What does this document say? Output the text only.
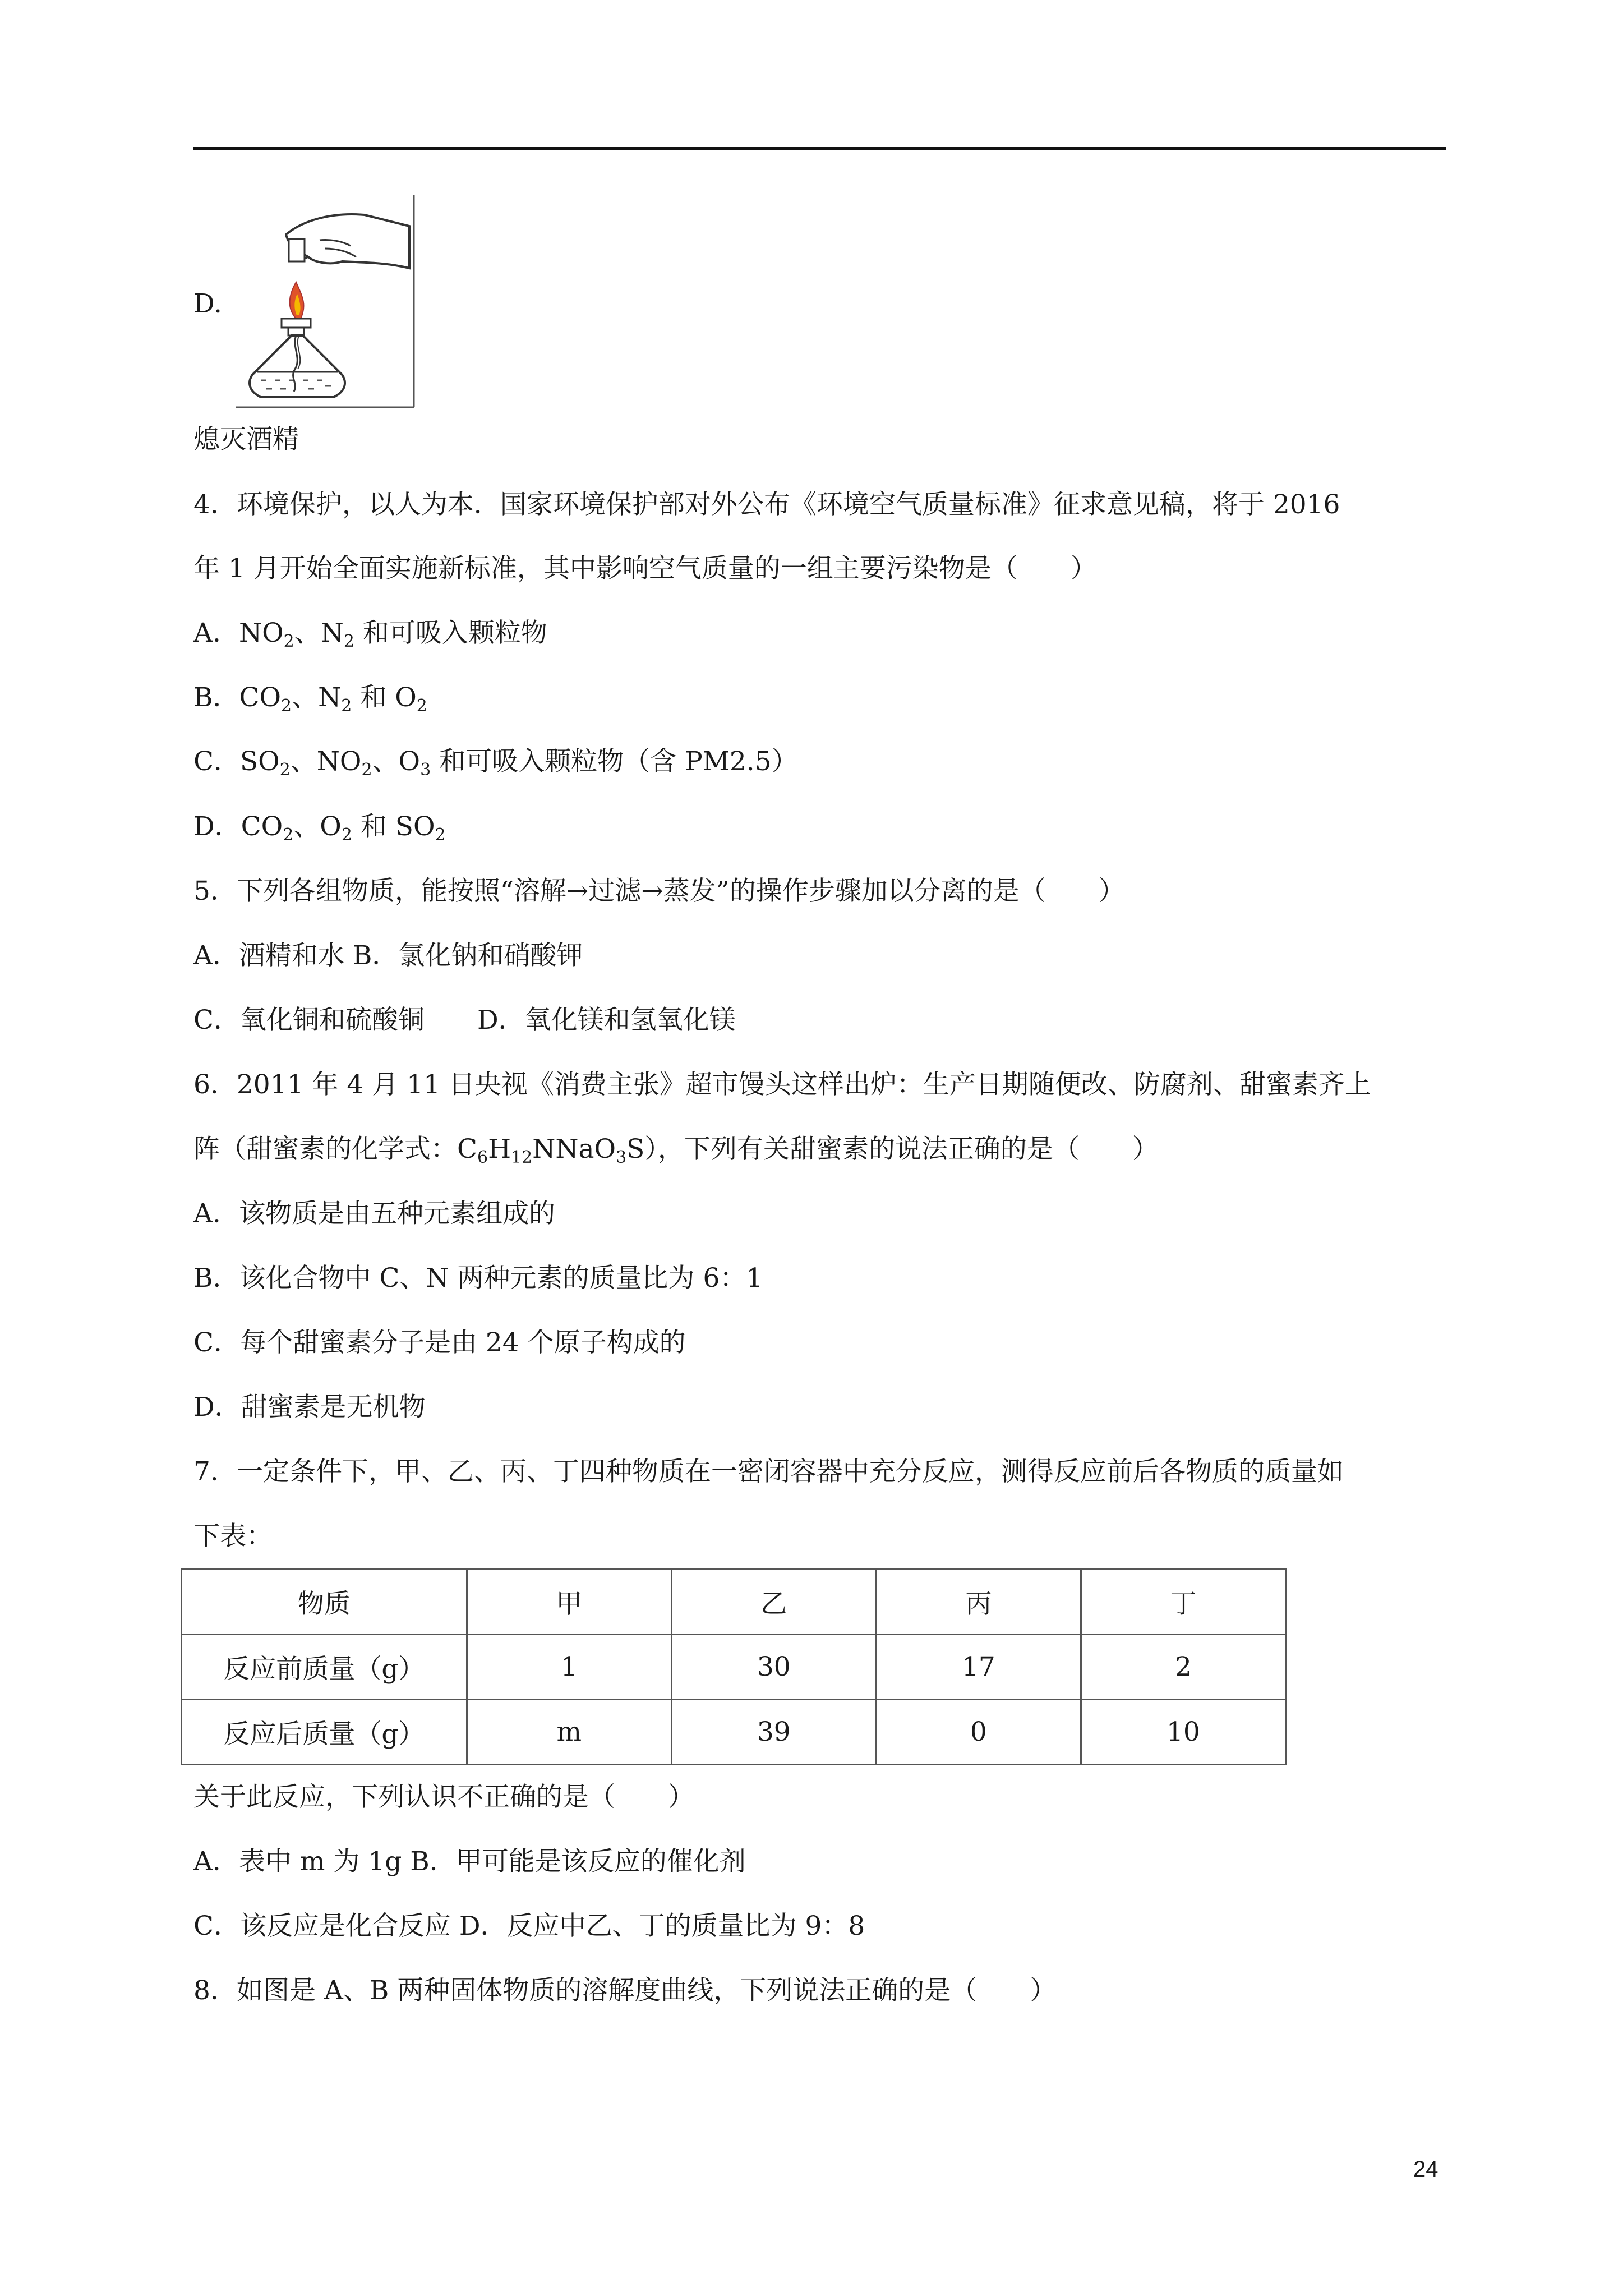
D.
熄灭酒精
4．环境保护，以人为本．国家环境保护部对外公布《环境空气质量标准》征求意见稿，将于 2016
年 1 月开始全面实施新标准，其中影响空气质量的一组主要污染物是（　　）
A．$NO_2$、$N_2$ 和可吸入颗粒物
B．$CO_2$、$N_2$ 和 $O_2$
C．$SO_2$、$NO_2$、$O_3$ 和可吸入颗粒物（含 PM2.5）
D．$CO_2$、$O_2$ 和 $SO_2$
5．下列各组物质，能按照“溶解→过滤→蒸发”的操作步骤加以分离的是（　　）
A．酒精和水 B．氯化钠和硝酸钾
C．氧化铜和硫酸铜　　D．氧化镁和氢氧化镁
6．2011 年 4 月 11 日央视《消费主张》超市馒头这样出炉：生产日期随便改、防腐剂、甜蜜素齐上
阵（甜蜜素的化学式：$C_6H_{12}NNaO_3S$），下列有关甜蜜素的说法正确的是（　　）
A．该物质是由五种元素组成的
B．该化合物中 C、N 两种元素的质量比为 6：1
C．每个甜蜜素分子是由 24 个原子构成的
D．甜蜜素是无机物
7．一定条件下，甲、乙、丙、丁四种物质在一密闭容器中充分反应，测得反应前后各物质的质量如
下表：
物质	甲	乙	丙	丁
反应前质量（g）	1	30	17	2
反应后质量（g）	m	39	0	10
关于此反应，下列认识不正确的是（　　）
A．表中 m 为 1g B．甲可能是该反应的催化剂
C．该反应是化合反应 D．反应中乙、丁的质量比为 9：8
8．如图是 A、B 两种固体物质的溶解度曲线，下列说法正确的是（　　）
24
